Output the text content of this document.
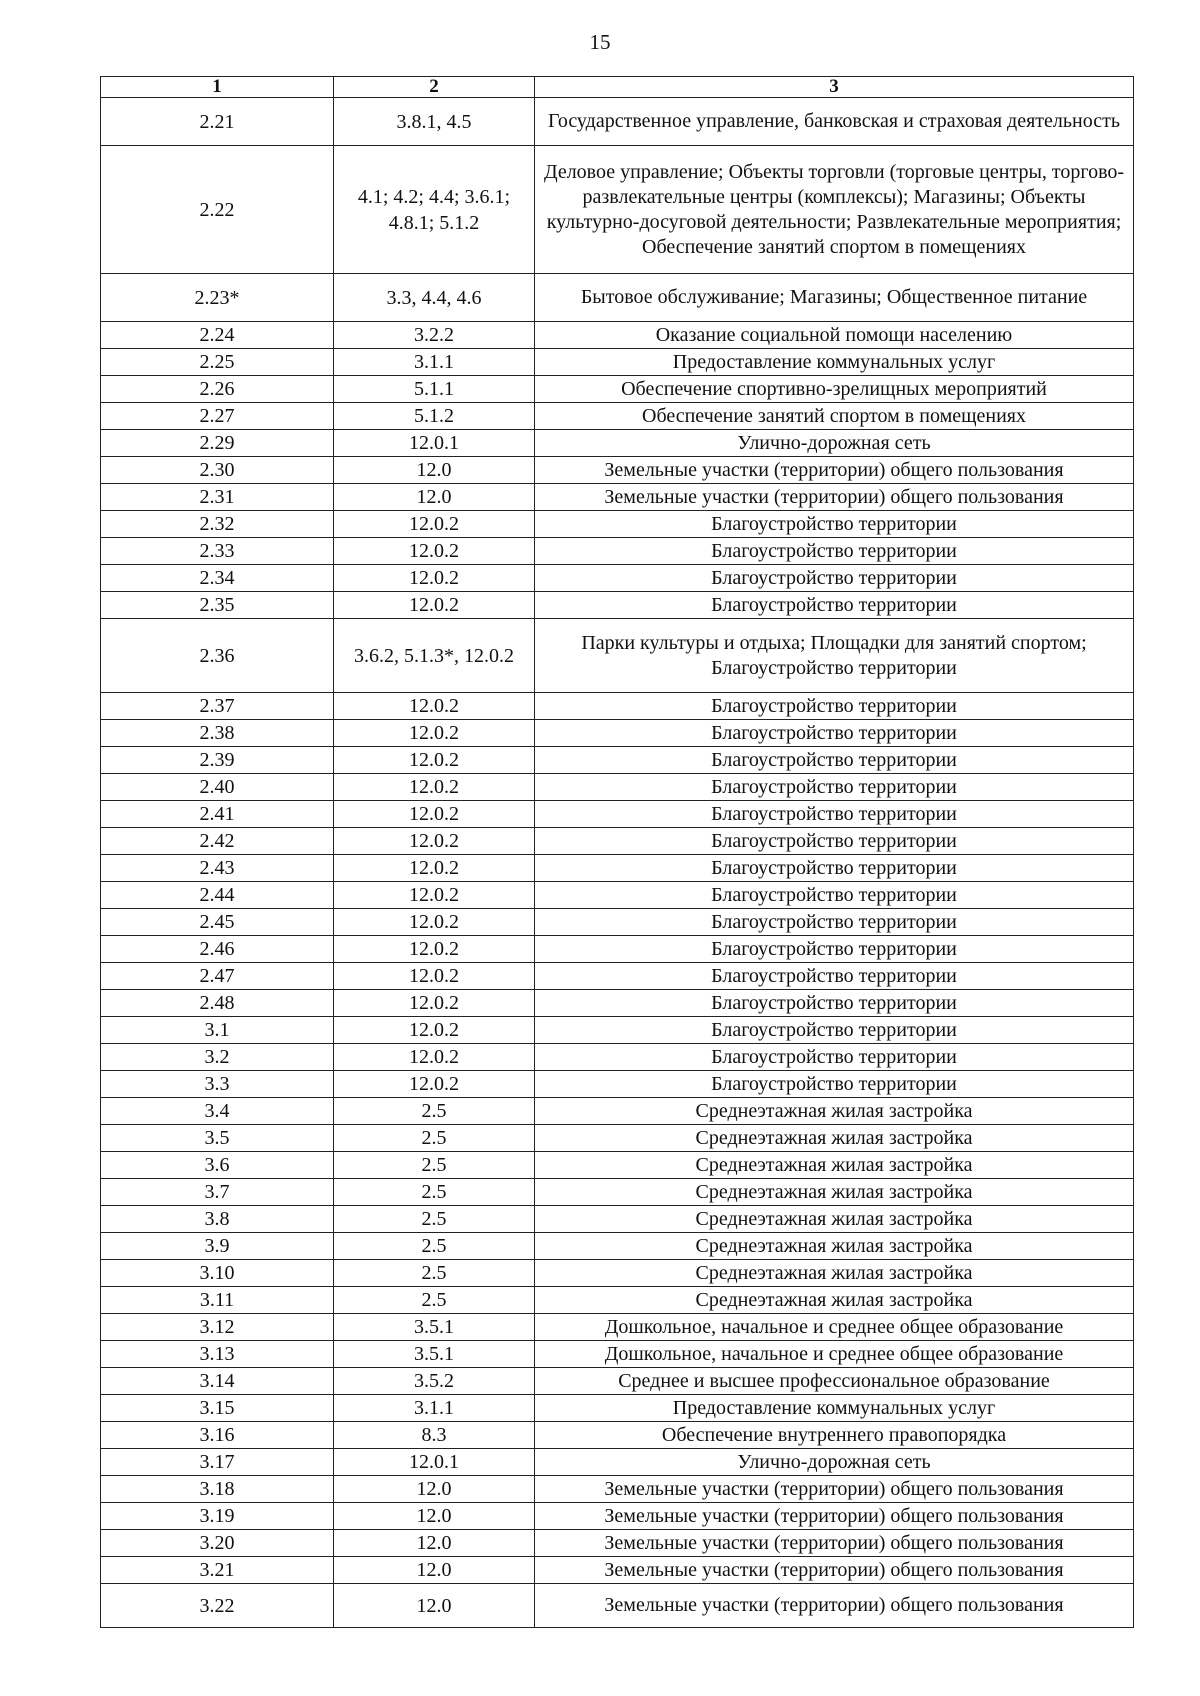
15
1	2	3
2.21	3.8.1, 4.5	Государственное управление, банковская и страховая деятельность
2.22	4.1; 4.2; 4.4; 3.6.1; 4.8.1; 5.1.2	Деловое управление; Объекты торговли (торговые центры, торгово-развлекательные центры (комплексы); Магазины; Объекты культурно-досуговой деятельности; Развлекательные мероприятия; Обеспечение занятий спортом в помещениях
2.23*	3.3, 4.4, 4.6	Бытовое обслуживание; Магазины; Общественное питание
2.24	3.2.2	Оказание социальной помощи населению
2.25	3.1.1	Предоставление коммунальных услуг
2.26	5.1.1	Обеспечение спортивно-зрелищных мероприятий
2.27	5.1.2	Обеспечение занятий спортом в помещениях
2.29	12.0.1	Улично-дорожная сеть
2.30	12.0	Земельные участки (территории) общего пользования
2.31	12.0	Земельные участки (территории) общего пользования
2.32	12.0.2	Благоустройство территории
2.33	12.0.2	Благоустройство территории
2.34	12.0.2	Благоустройство территории
2.35	12.0.2	Благоустройство территории
2.36	3.6.2, 5.1.3*, 12.0.2	Парки культуры и отдыха; Площадки для занятий спортом; Благоустройство территории
2.37	12.0.2	Благоустройство территории
2.38	12.0.2	Благоустройство территории
2.39	12.0.2	Благоустройство территории
2.40	12.0.2	Благоустройство территории
2.41	12.0.2	Благоустройство территории
2.42	12.0.2	Благоустройство территории
2.43	12.0.2	Благоустройство территории
2.44	12.0.2	Благоустройство территории
2.45	12.0.2	Благоустройство территории
2.46	12.0.2	Благоустройство территории
2.47	12.0.2	Благоустройство территории
2.48	12.0.2	Благоустройство территории
3.1	12.0.2	Благоустройство территории
3.2	12.0.2	Благоустройство территории
3.3	12.0.2	Благоустройство территории
3.4	2.5	Среднеэтажная жилая застройка
3.5	2.5	Среднеэтажная жилая застройка
3.6	2.5	Среднеэтажная жилая застройка
3.7	2.5	Среднеэтажная жилая застройка
3.8	2.5	Среднеэтажная жилая застройка
3.9	2.5	Среднеэтажная жилая застройка
3.10	2.5	Среднеэтажная жилая застройка
3.11	2.5	Среднеэтажная жилая застройка
3.12	3.5.1	Дошкольное, начальное и среднее общее образование
3.13	3.5.1	Дошкольное, начальное и среднее общее образование
3.14	3.5.2	Среднее и высшее профессиональное образование
3.15	3.1.1	Предоставление коммунальных услуг
3.16	8.3	Обеспечение внутреннего правопорядка
3.17	12.0.1	Улично-дорожная сеть
3.18	12.0	Земельные участки (территории) общего пользования
3.19	12.0	Земельные участки (территории) общего пользования
3.20	12.0	Земельные участки (территории) общего пользования
3.21	12.0	Земельные участки (территории) общего пользования
3.22	12.0	Земельные участки (территории) общего пользования
